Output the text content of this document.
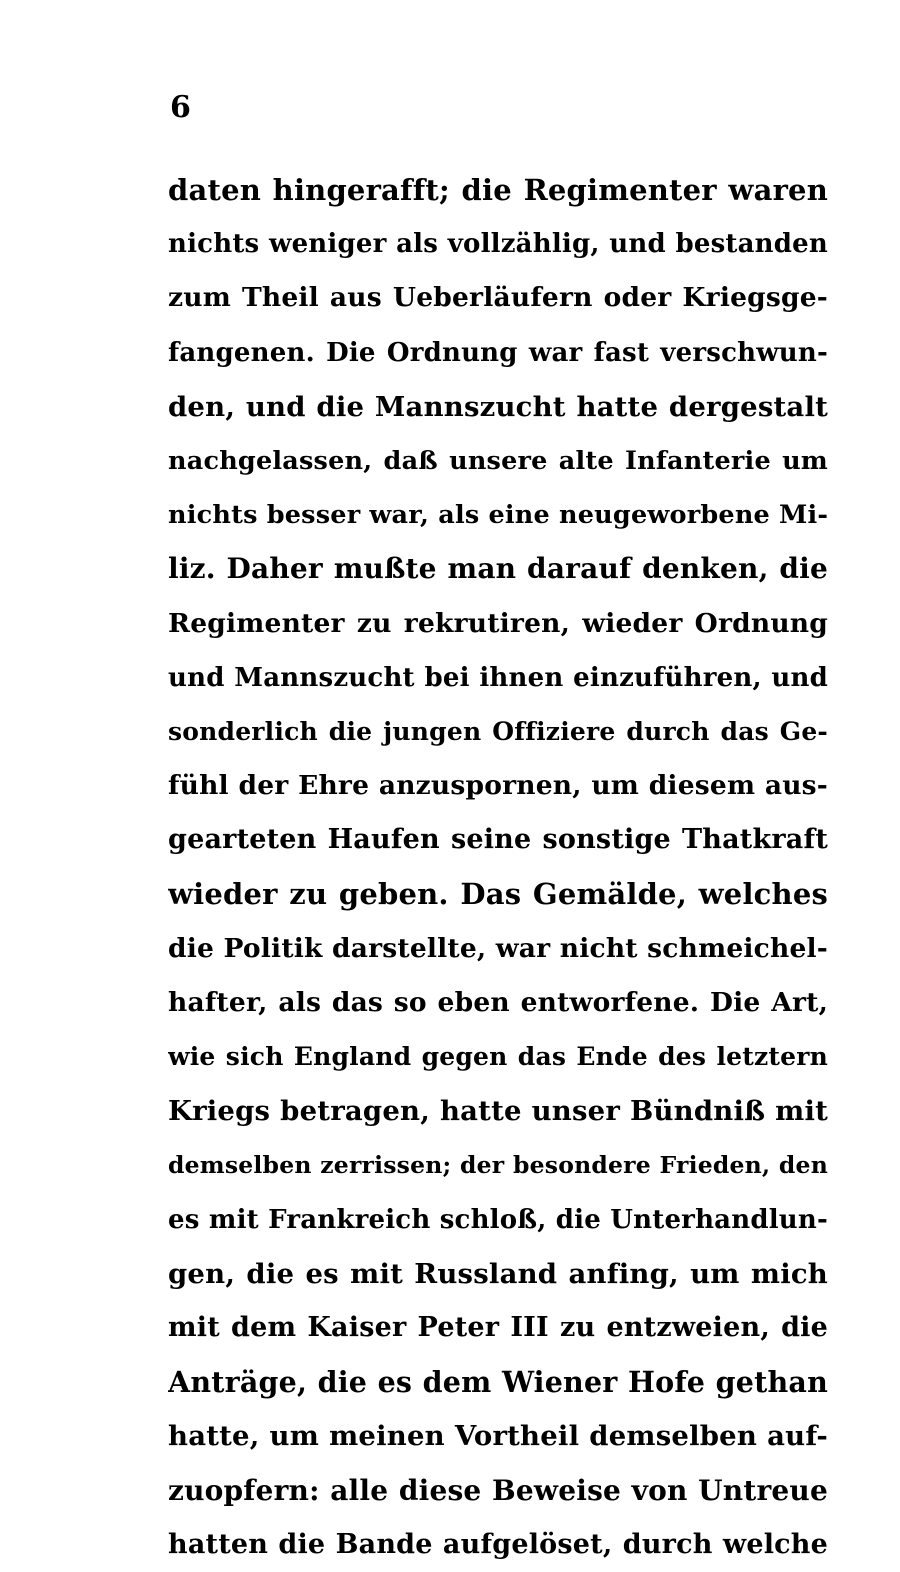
6
daten hingerafft; die Regimenter waren
nichts weniger als vollzählig, und bestanden
zum Theil aus Ueberläufern oder Kriegsge-
fangenen. Die Ordnung war fast verschwun-
den, und die Mannszucht hatte dergestalt
nachgelassen, daß unsere alte Infanterie um
nichts besser war, als eine neugeworbene Mi-
liz. Daher mußte man darauf denken, die
Regimenter zu rekrutiren, wieder Ordnung
und Mannszucht bei ihnen einzuführen, und
sonderlich die jungen Offiziere durch das Ge-
fühl der Ehre anzuspornen, um diesem aus-
gearteten Haufen seine sonstige Thatkraft
wieder zu geben. Das Gemälde, welches
die Politik darstellte, war nicht schmeichel-
hafter, als das so eben entworfene. Die Art,
wie sich England gegen das Ende des letztern
Kriegs betragen, hatte unser Bündniß mit
demselben zerrissen; der besondere Frieden, den
es mit Frankreich schloß, die Unterhandlun-
gen, die es mit Russland anfing, um mich
mit dem Kaiser Peter III zu entzweien, die
Anträge, die es dem Wiener Hofe gethan
hatte, um meinen Vortheil demselben auf-
zuopfern: alle diese Beweise von Untreue
hatten die Bande aufgelöset, durch welche
